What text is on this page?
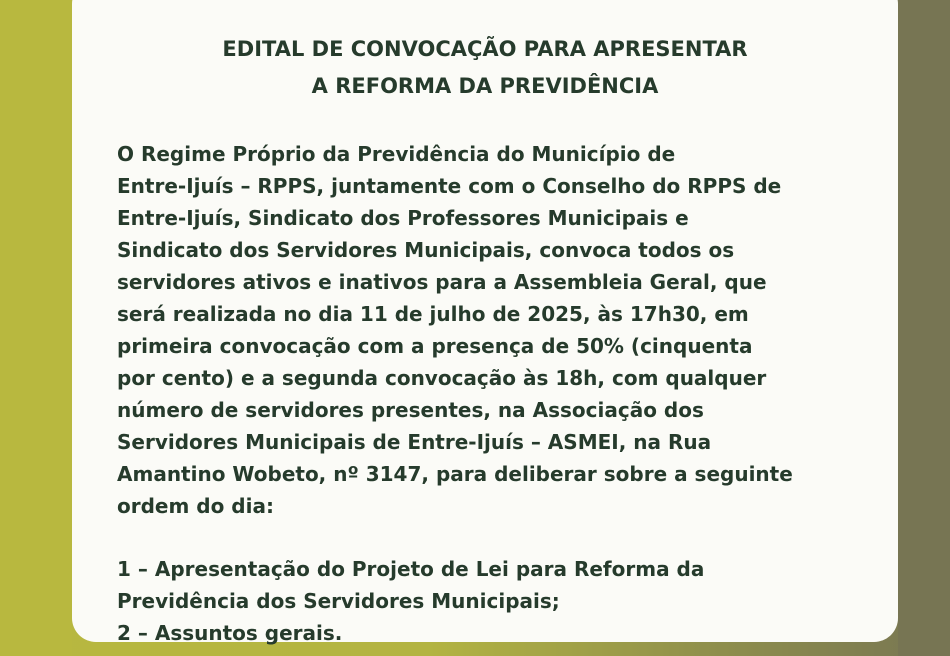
EDITAL DE CONVOCAÇÃO PARA APRESENTAR
A REFORMA DA PREVIDÊNCIA
O Regime Próprio da Previdência do Município de
Entre-Ijuís – RPPS, juntamente com o Conselho do RPPS de
Entre-Ijuís, Sindicato dos Professores Municipais e
Sindicato dos Servidores Municipais, convoca todos os
servidores ativos e inativos para a Assembleia Geral, que
será realizada no dia 11 de julho de 2025, às 17h30, em
primeira convocação com a presença de 50% (cinquenta
por cento) e a segunda convocação às 18h, com qualquer
número de servidores presentes, na Associação dos
Servidores Municipais de Entre-Ijuís – ASMEI, na Rua
Amantino Wobeto, nº 3147, para deliberar sobre a seguinte
ordem do dia:
1 – Apresentação do Projeto de Lei para Reforma da
Previdência dos Servidores Municipais;
2 – Assuntos gerais.
